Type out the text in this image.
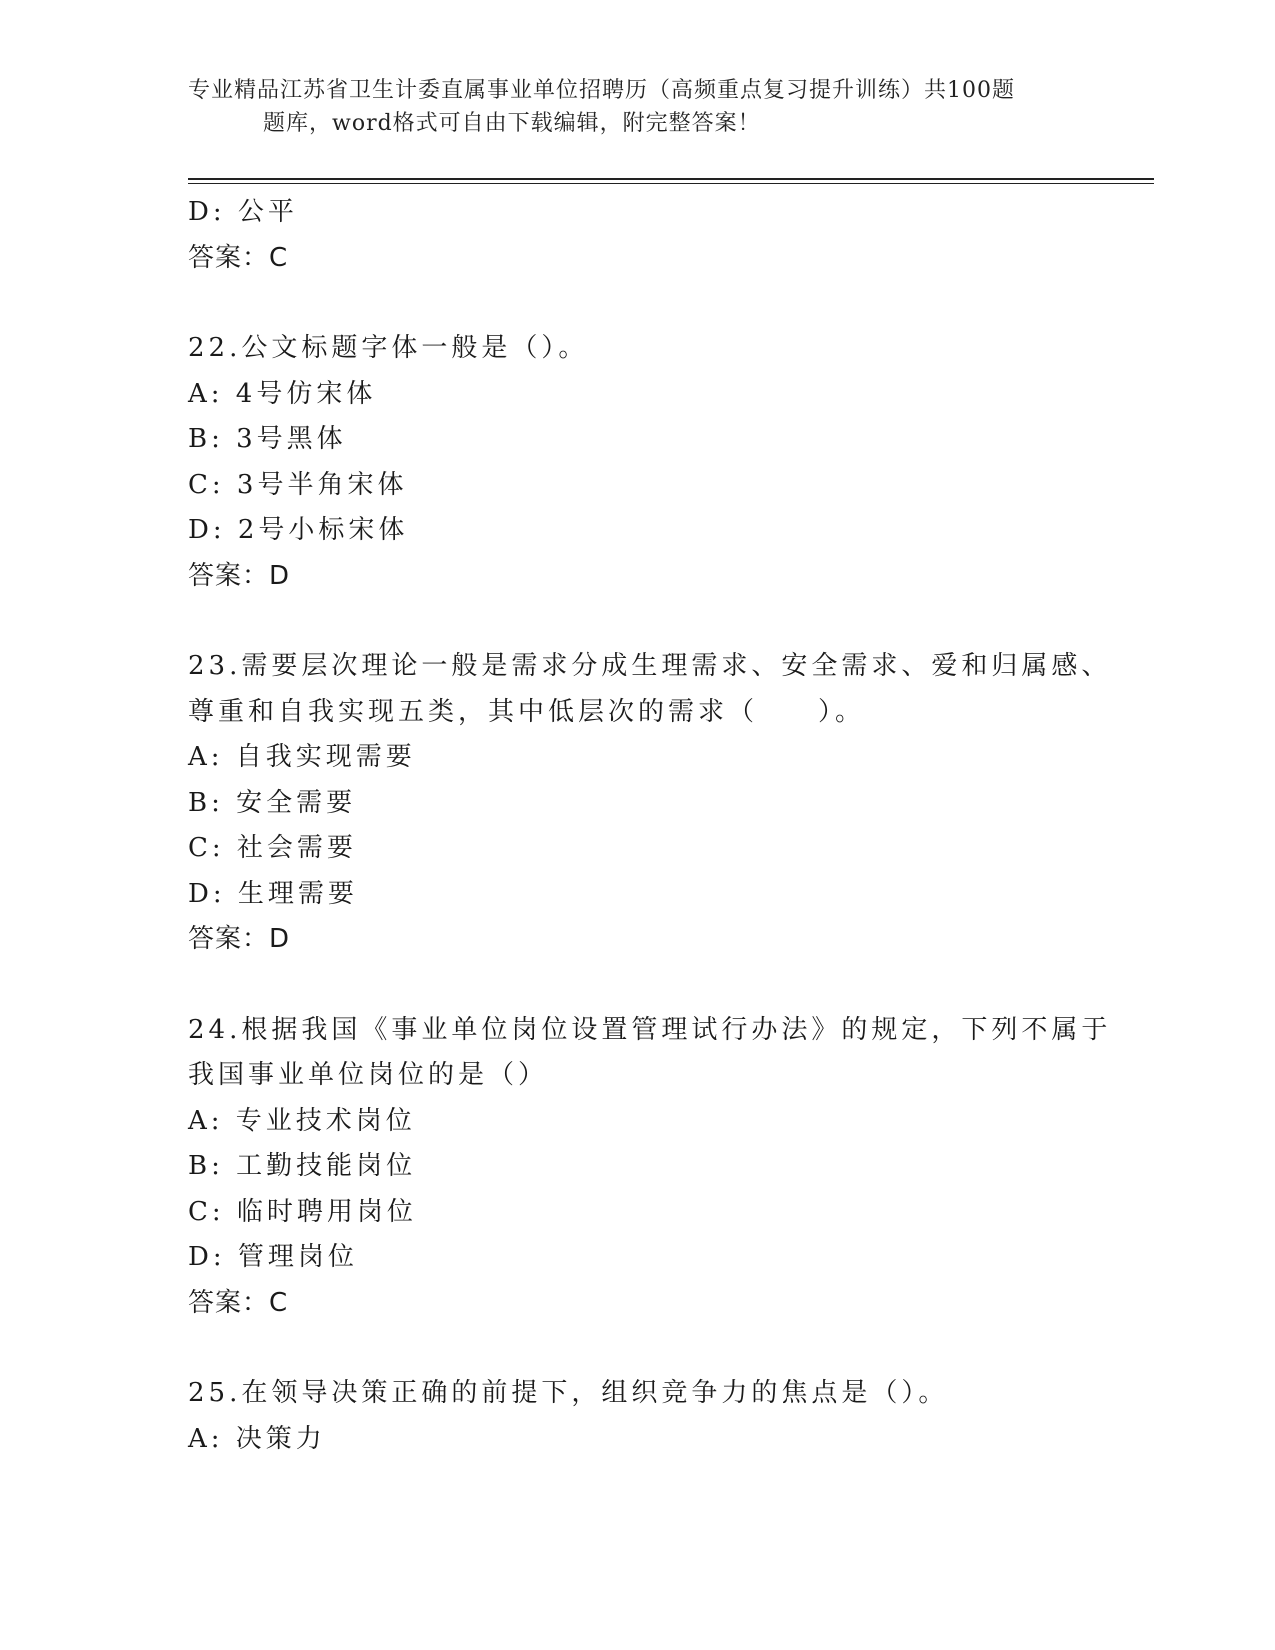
专业精品江苏省卫生计委直属事业单位招聘历（高频重点复习提升训练）共100题
题库，word格式可自由下载编辑，附完整答案！
D: 公平
答案：C
22.公文标题字体一般是（）。
A: 4号仿宋体
B: 3号黑体
C: 3号半角宋体
D: 2号小标宋体
答案：D
23.需要层次理论一般是需求分成生理需求、安全需求、爱和归属感、
尊重和自我实现五类，其中低层次的需求（　　）。
A: 自我实现需要
B: 安全需要
C: 社会需要
D: 生理需要
答案：D
24.根据我国《事业单位岗位设置管理试行办法》的规定，下列不属于
我国事业单位岗位的是（）
A: 专业技术岗位
B: 工勤技能岗位
C: 临时聘用岗位
D: 管理岗位
答案：C
25.在领导决策正确的前提下，组织竞争力的焦点是（）。
A: 决策力
